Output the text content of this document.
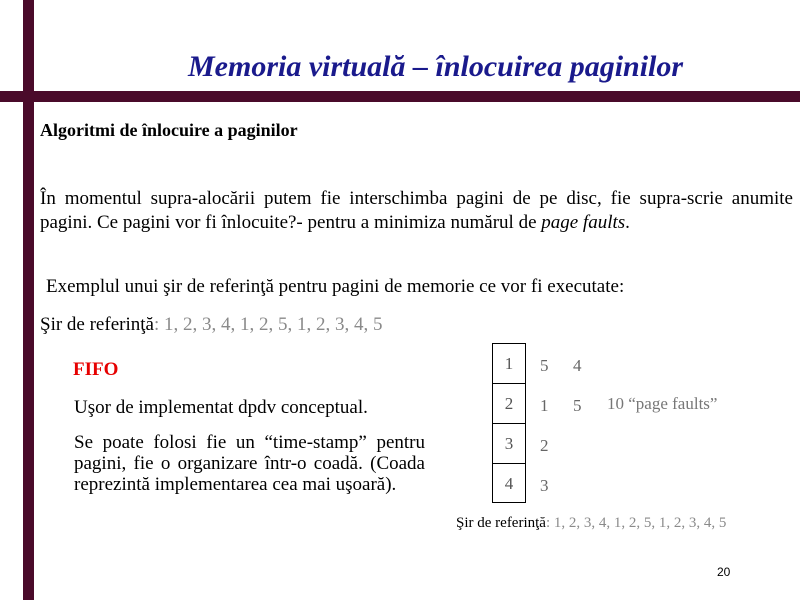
Memoria virtuală – înlocuirea paginilor
Algoritmi de înlocuire a paginilor
În momentul supra-alocării putem fie interschimba pagini de pe disc, fie supra-scrie anumite pagini. Ce pagini vor fi înlocuite?- pentru a minimiza numărul de page faults.
Exemplul unui şir de referinţă pentru pagini de memorie ce vor fi executate:
Şir de referinţă: 1, 2, 3, 4, 1, 2, 5, 1, 2, 3, 4, 5
FIFO
Uşor de implementat dpdv conceptual.
Se poate folosi fie un “time-stamp” pentru pagini, fie o organizare într-o coadă. (Coada reprezintă implementarea cea mai uşoară).
1
2
3
4
5
1
2
3
4
5 10 “page faults”
Şir de referinţă: 1, 2, 3, 4, 1, 2, 5, 1, 2, 3, 4, 5
20
